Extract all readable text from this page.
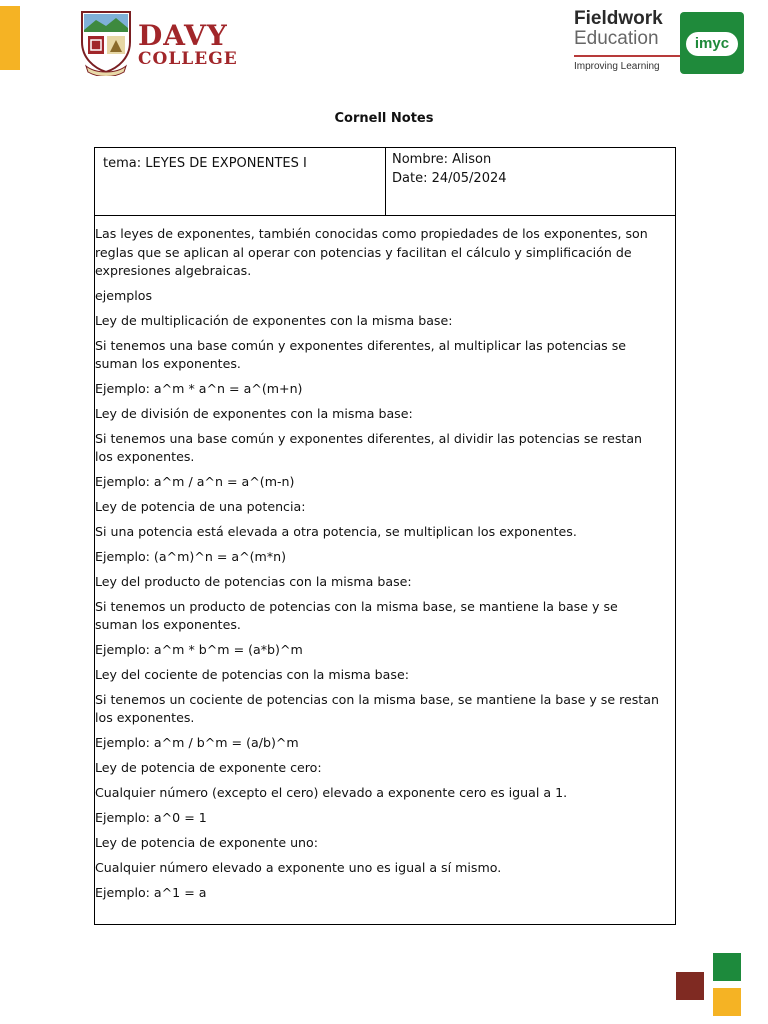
DAVY
COLLEGE
Fieldwork
Education
Improving Learning
imyc
Cornell Notes
tema: LEYES DE EXPONENTES I	Nombre: Alison
Date: 24/05/2024

Las leyes de exponentes, también conocidas como propiedades de los exponentes, son reglas que se aplican al operar con potencias y facilitan el cálculo y simplificación de expresiones algebraicas.

ejemplos

Ley de multiplicación de exponentes con la misma base:

Si tenemos una base común y exponentes diferentes, al multiplicar las potencias se suman los exponentes.

Ejemplo: a^m * a^n = a^(m+n)

Ley de división de exponentes con la misma base:

Si tenemos una base común y exponentes diferentes, al dividir las potencias se restan los exponentes.

Ejemplo: a^m / a^n = a^(m-n)

Ley de potencia de una potencia:

Si una potencia está elevada a otra potencia, se multiplican los exponentes.

Ejemplo: (a^m)^n = a^(m*n)

Ley del producto de potencias con la misma base:

Si tenemos un producto de potencias con la misma base, se mantiene la base y se suman los exponentes.

Ejemplo: a^m * b^m = (a*b)^m

Ley del cociente de potencias con la misma base:

Si tenemos un cociente de potencias con la misma base, se mantiene la base y se restan los exponentes.

Ejemplo: a^m / b^m = (a/b)^m

Ley de potencia de exponente cero:

Cualquier número (excepto el cero) elevado a exponente cero es igual a 1.

Ejemplo: a^0 = 1

Ley de potencia de exponente uno:

Cualquier número elevado a exponente uno es igual a sí mismo.

Ejemplo: a^1 = a
